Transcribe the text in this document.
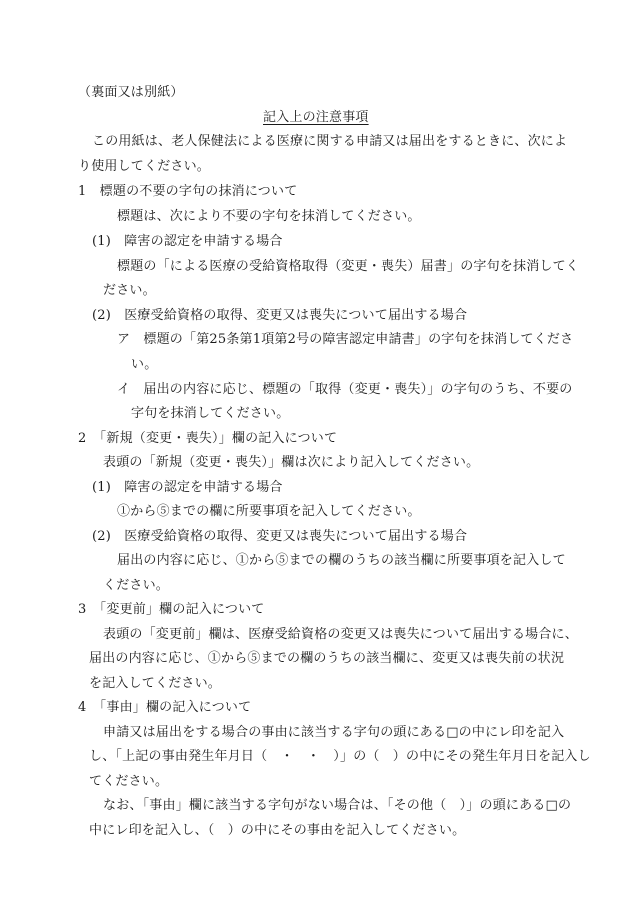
（裏面又は別紙）
記入上の注意事項
この用紙は、老人保健法による医療に関する申請又は届出をするときに、次によ
り使用してください。
1　標題の不要の字句の抹消について
標題は、次により不要の字句を抹消してください。
(1)　障害の認定を申請する場合
標題の「による医療の受給資格取得（変更・喪失）届書」の字句を抹消してく
ださい。
(2)　医療受給資格の取得、変更又は喪失について届出する場合
ア　標題の「第25条第1項第2号の障害認定申請書」の字句を抹消してくださ
い。
イ　届出の内容に応じ、標題の「取得（変更・喪失）」の字句のうち、不要の
字句を抹消してください。
2　「新規（変更・喪失）」欄の記入について
表頭の「新規（変更・喪失）」欄は次により記入してください。
(1)　障害の認定を申請する場合
①から⑤までの欄に所要事項を記入してください。
(2)　医療受給資格の取得、変更又は喪失について届出する場合
届出の内容に応じ、①から⑤までの欄のうちの該当欄に所要事項を記入して
ください。
3　「変更前」欄の記入について
表頭の「変更前」欄は、医療受給資格の変更又は喪失について届出する場合に、
届出の内容に応じ、①から⑤までの欄のうちの該当欄に、変更又は喪失前の状況
を記入してください。
4　「事由」欄の記入について
申請又は届出をする場合の事由に該当する字句の頭にある□の中にレ印を記入
し、「上記の事由発生年月日（　・　・　）」の（　）の中にその発生年月日を記入し
てください。
なお、「事由」欄に該当する字句がない場合は、「その他（　）」の頭にある□の
中にレ印を記入し、（　）の中にその事由を記入してください。
